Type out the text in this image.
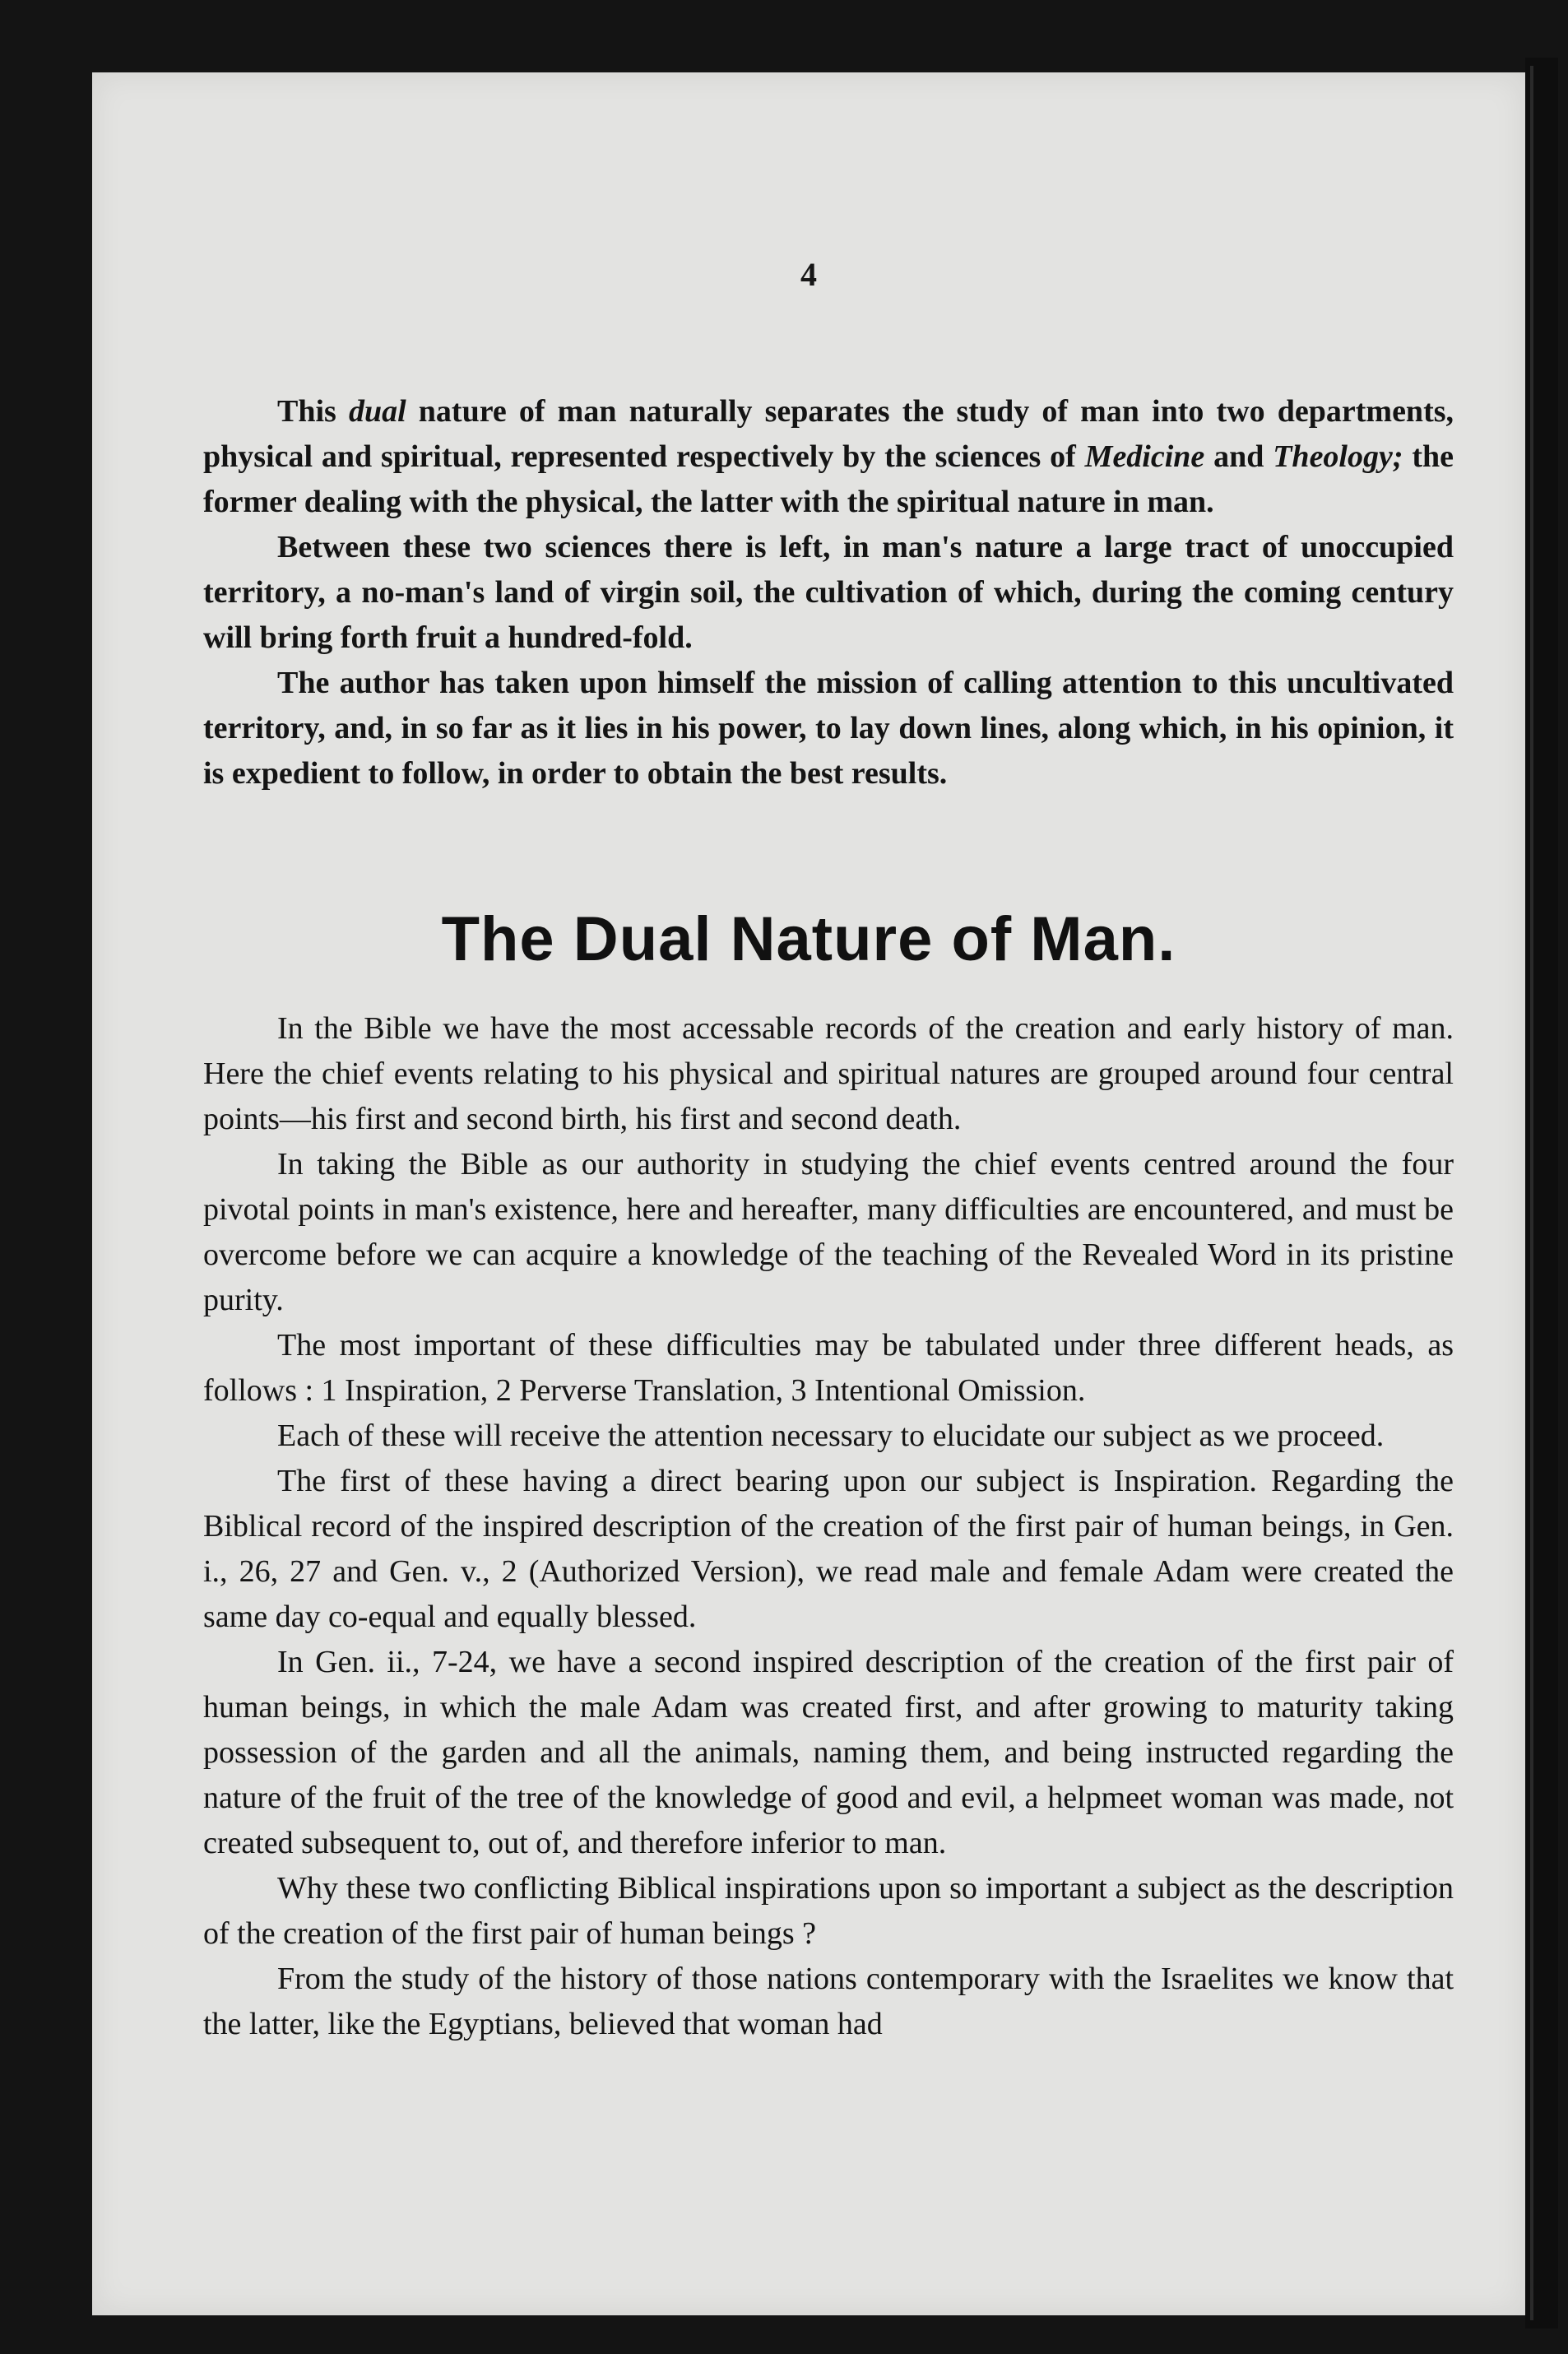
4

This dual nature of man naturally separates the study of man into two departments, physical and spiritual, represented respectively by the sciences of Medicine and Theology; the former dealing with the physical, the latter with the spiritual nature in man.

Between these two sciences there is left, in man's nature a large tract of unoccupied territory, a no-man's land of virgin soil, the cultivation of which, during the coming century will bring forth fruit a hundred-fold.

The author has taken upon himself the mission of calling attention to this uncultivated territory, and, in so far as it lies in his power, to lay down lines, along which, in his opinion, it is expedient to follow, in order to obtain the best results.

The Dual Nature of Man.

In the Bible we have the most accessable records of the creation and early history of man. Here the chief events relating to his physical and spiritual natures are grouped around four central points—his first and second birth, his first and second death.

In taking the Bible as our authority in studying the chief events centred around the four pivotal points in man's existence, here and hereafter, many difficulties are encountered, and must be overcome before we can acquire a knowledge of the teaching of the Revealed Word in its pristine purity.

The most important of these difficulties may be tabulated under three different heads, as follows : 1 Inspiration, 2 Perverse Translation, 3 Intentional Omission.

Each of these will receive the attention necessary to elucidate our subject as we proceed.

The first of these having a direct bearing upon our subject is Inspiration. Regarding the Biblical record of the inspired description of the creation of the first pair of human beings, in Gen. i., 26, 27 and Gen. v., 2 (Authorized Version), we read male and female Adam were created the same day co-equal and equally blessed.

In Gen. ii., 7-24, we have a second inspired description of the creation of the first pair of human beings, in which the male Adam was created first, and after growing to maturity taking possession of the garden and all the animals, naming them, and being instructed regarding the nature of the fruit of the tree of the knowledge of good and evil, a helpmeet woman was made, not created subsequent to, out of, and therefore inferior to man.

Why these two conflicting Biblical inspirations upon so important a subject as the description of the creation of the first pair of human beings ?

From the study of the history of those nations contemporary with the Israelites we know that the latter, like the Egyptians, believed that woman had
